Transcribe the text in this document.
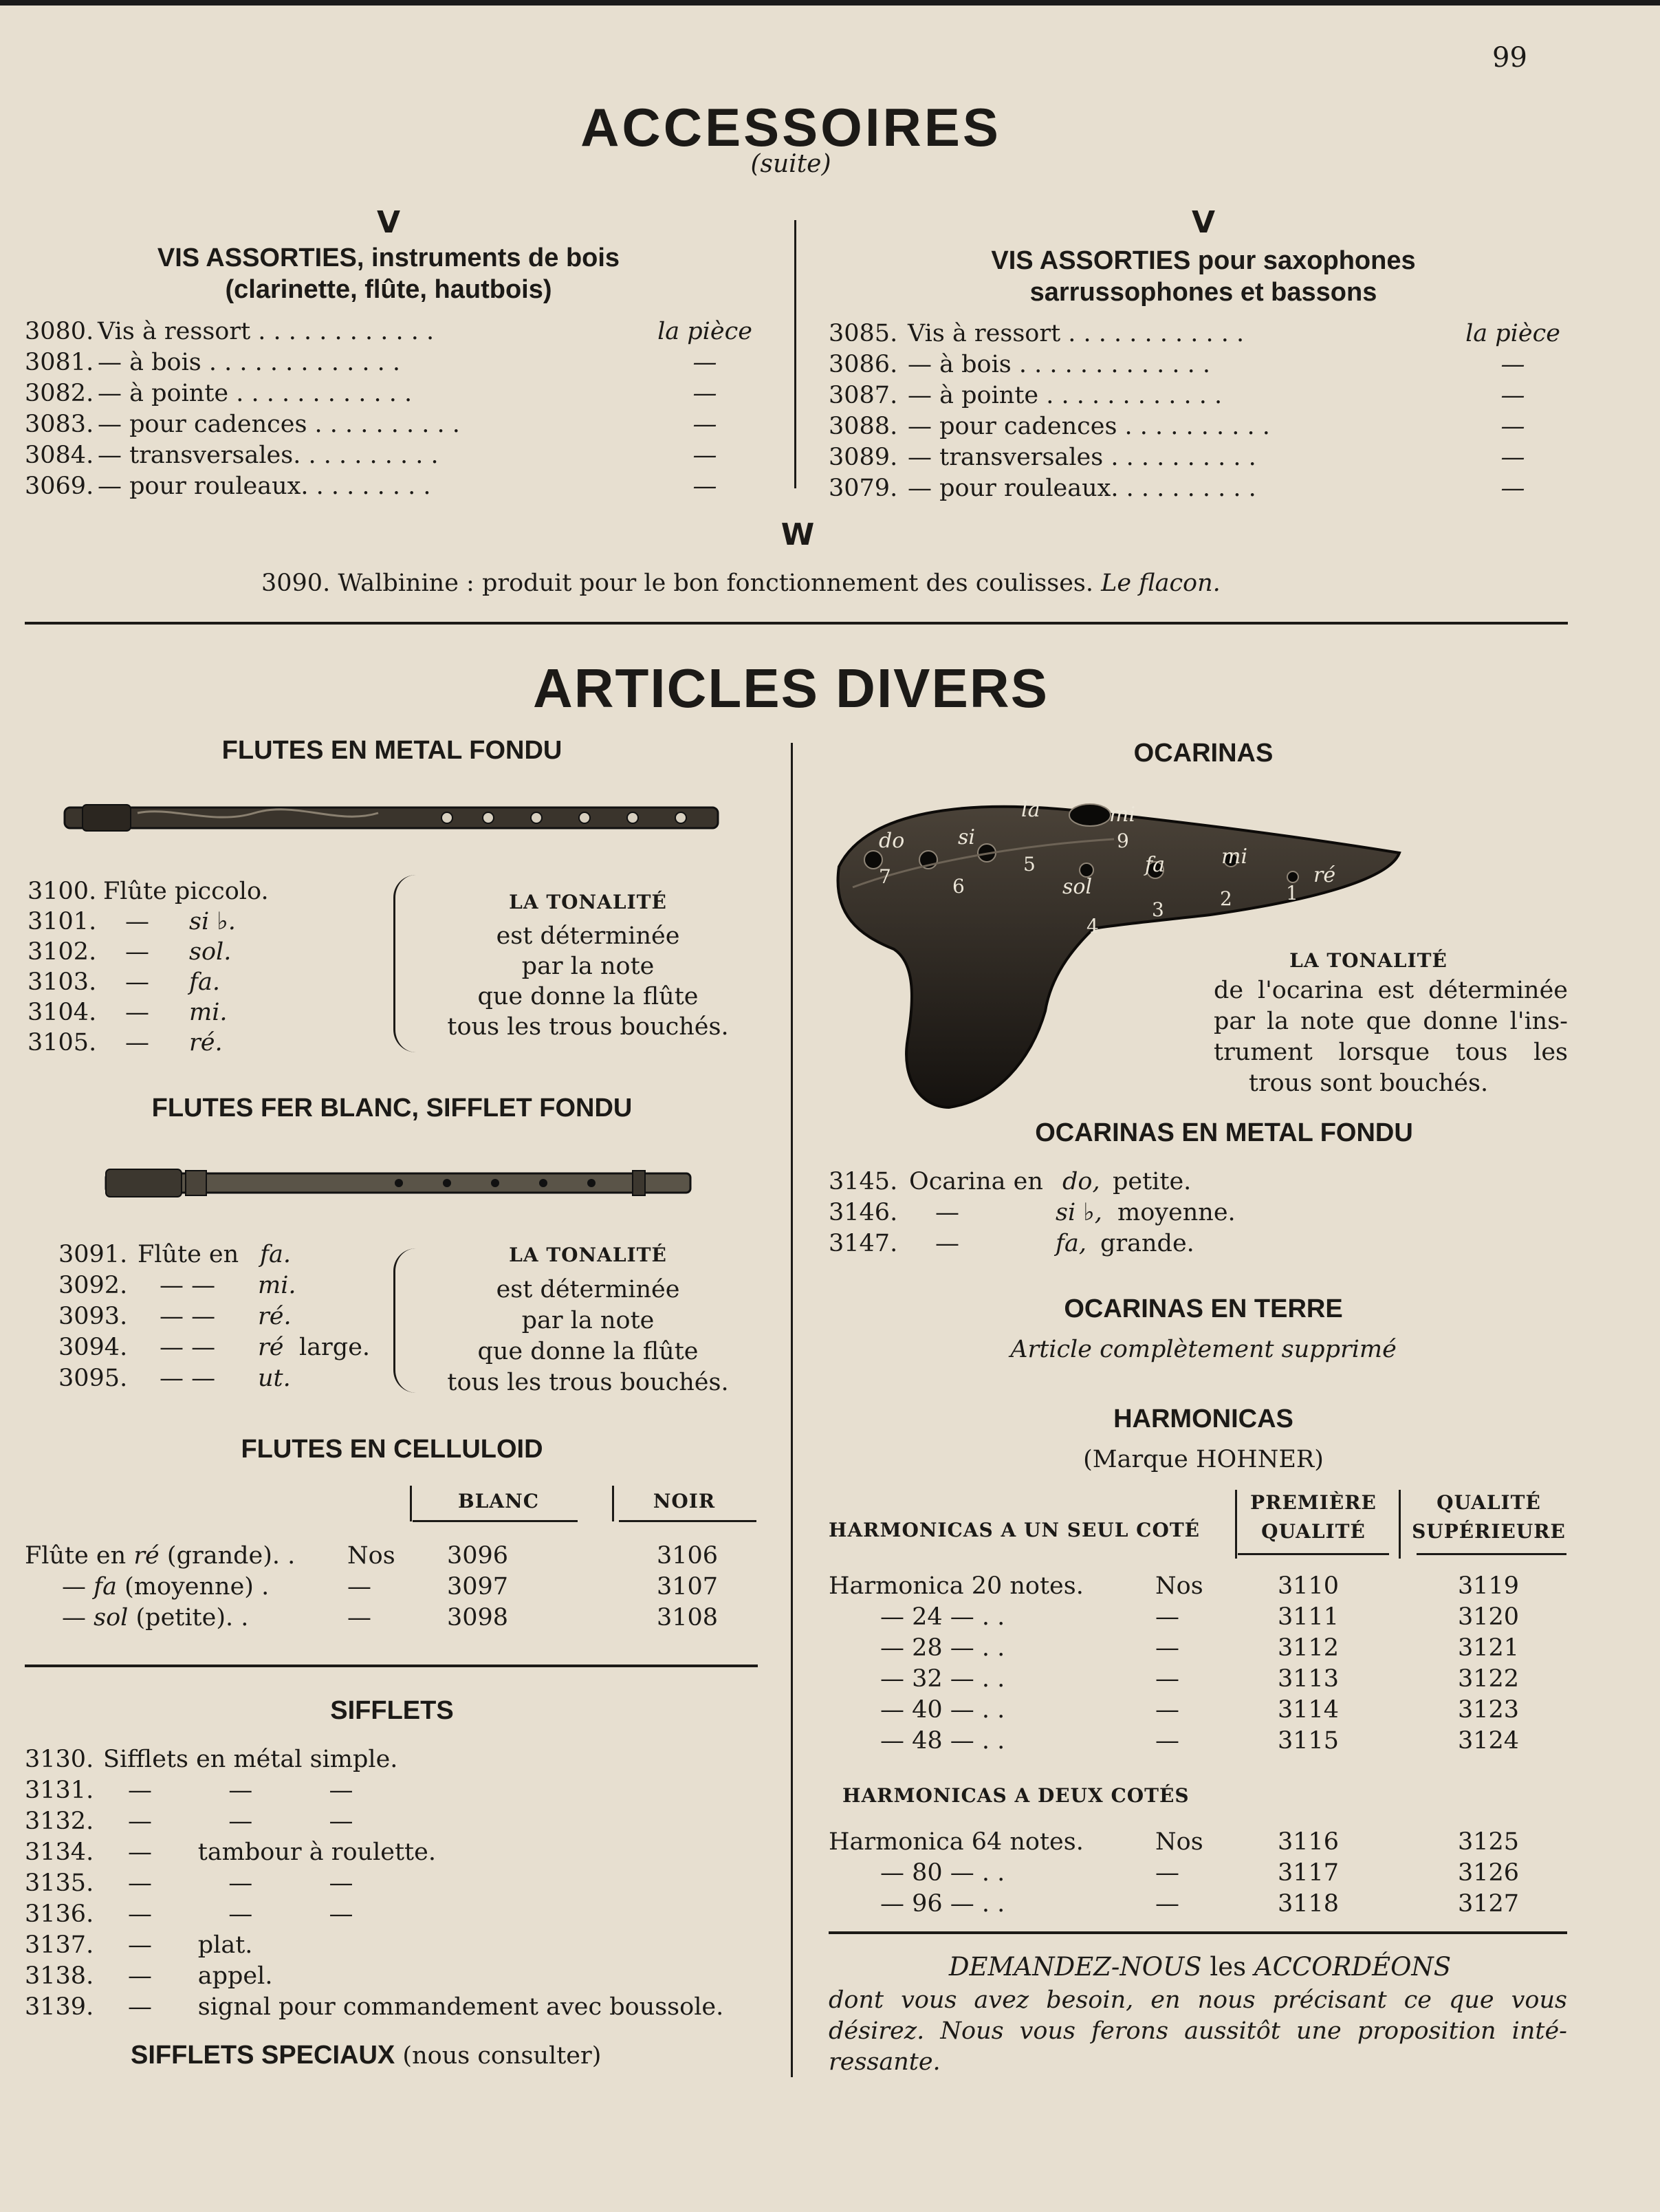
99
ACCESSOIRES
(suite)
V
VIS ASSORTIES, instruments de bois
(clarinette, flûte, hautbois)
3080. Vis à ressort . . . . . . . . . . . .	la pièce
3081. — à bois . . . . . . . . . . . . .	—
3082. — à pointe . . . . . . . . . . . .	—
3083. — pour cadences . . . . . . . . . .	—
3084. — transversales. . . . . . . . . .	—
3069. — pour rouleaux. . . . . . . . .	—
V
VIS ASSORTIES pour saxophones
sarrussophones et bassons
3085. Vis à ressort . . . . . . . . . . . .	la pièce
3086. — à bois . . . . . . . . . . . . .	—
3087. — à pointe . . . . . . . . . . . .	—
3088. — pour cadences . . . . . . . . . .	—
3089. — transversales . . . . . . . . . .	—
3079. — pour rouleaux. . . . . . . . . .	—
W
3090. Walbinine : produit pour le bon fonctionnement des coulisses. Le flacon.
ARTICLES DIVERS
FLUTES EN METAL FONDU
3100. Flûte piccolo.
3101. — si ♭.
3102. — sol.
3103. — fa.
3104. — mi.
3105. — ré.
LA TONALITÉ
est déterminée
par la note
que donne la flûte
tous les trous bouchés.
FLUTES FER BLANC, SIFFLET FONDU
3091. Flûte en fa.
3092. — — mi.
3093. — — ré.
3094. — — ré large.
3095. — — ut.
LA TONALITÉ
est déterminée
par la note
que donne la flûte
tous les trous bouchés.
FLUTES EN CELLULOID
BLANC	NOIR
Flûte en ré (grande). . Nos 3096	3106
— fa (moyenne) .	—	3097	3107
— sol (petite). .	—	3098	3108
SIFFLETS
3130. Sifflets en métal simple.
3131. —          —          —
3132. —          —          —
3134. —      tambour à roulette.
3135. —          —          —
3136. —          —          —
3137. —      plat.
3138. —      appel.
3139. —      signal pour commandement avec boussole.
SIFFLETS SPECIAUX (nous consulter)
OCARINAS
do	si
la	mi
sol
fa	mi
ré
7	6
5
9
4
3	2	1
LA TONALITÉ
de l'ocarina est déterminée
par la note que donne l'ins-
trument lorsque tous les
trous sont bouchés.
OCARINAS EN METAL FONDU
3145. Ocarina en do, petite.
3146. —	si ♭, moyenne.
3147. —	fa, grande.
OCARINAS EN TERRE
Article complètement supprimé
HARMONICAS
(Marque HOHNER)
PREMIÈRE
QUALITÉ
QUALITÉ
SUPÉRIEURE
HARMONICAS A UN SEUL COTÉ
Harmonica 20 notes.	Nos	3110	3119
— 24 — . .	—	3111	3120
— 28 — . .	—	3112	3121
— 32 — . .	—	3113	3122
— 40 — . .	—	3114	3123
— 48 — . .	—	3115	3124
HARMONICAS A DEUX COTÉS
Harmonica 64 notes.	Nos	3116	3125
— 80 — . .	—	3117	3126
— 96 — . .	—	3118	3127
DEMANDEZ-NOUS les ACCORDÉONS
dont vous avez besoin, en nous précisant ce que vous
désirez. Nous vous ferons aussitôt une proposition inté-
ressante.
